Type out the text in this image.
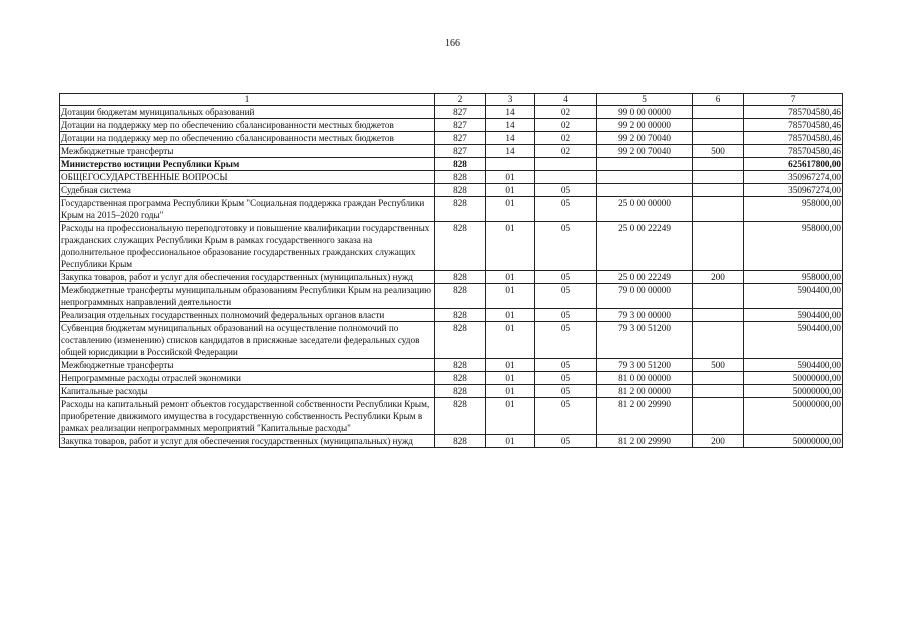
166
1	2	3	4	5	6	7
Дотации бюджетам муниципальных образований	827	14	02	99 0 00 00000		785704580,46
Дотации на поддержку мер по обеспечению сбалансированности местных бюджетов	827	14	02	99 2 00 00000		785704580,46
Дотации на поддержку мер по обеспечению сбалансированности местных бюджетов	827	14	02	99 2 00 70040		785704580,46
Межбюджетные трансферты	827	14	02	99 2 00 70040	500	785704580,46
Министерство юстиции Республики Крым	828					625617800,00
ОБЩЕГОСУДАРСТВЕННЫЕ ВОПРОСЫ	828	01				350967274,00
Судебная система	828	01	05			350967274,00
Государственная программа Республики Крым "Социальная поддержка граждан Республики Крым на 2015–2020 годы"	828	01	05	25 0 00 00000		958000,00
Расходы на профессиональную переподготовку и повышение квалификации государственных гражданских служащих Республики Крым в рамках государственного заказа на дополнительное профессиональное образование государственных гражданских служащих Республики Крым	828	01	05	25 0 00 22249		958000,00
Закупка товаров, работ и услуг для обеспечения государственных (муниципальных) нужд	828	01	05	25 0 00 22249	200	958000,00
Межбюджетные трансферты муниципальным образованиям Республики Крым на реализацию непрограммных направлений деятельности	828	01	05	79 0 00 00000		5904400,00
Реализация отдельных государственных полномочий федеральных органов власти	828	01	05	79 3 00 00000		5904400,00
Субвенция бюджетам муниципальных образований на осуществление полномочий по составлению (изменению) списков кандидатов в присяжные заседатели федеральных судов общей юрисдикции в Российской Федерации	828	01	05	79 3 00 51200		5904400,00
Межбюджетные трансферты	828	01	05	79 3 00 51200	500	5904400,00
Непрограммные расходы отраслей экономики	828	01	05	81 0 00 00000		50000000,00
Капитальные расходы	828	01	05	81 2 00 00000		50000000,00
Расходы на капитальный ремонт объектов государственной собственности Республики Крым, приобретение движимого имущества в государственную собственность Республики Крым в рамках реализации непрограммных мероприятий "Капитальные расходы"	828	01	05	81 2 00 29990		50000000,00
Закупка товаров, работ и услуг для обеспечения государственных (муниципальных) нужд	828	01	05	81 2 00 29990	200	50000000,00
